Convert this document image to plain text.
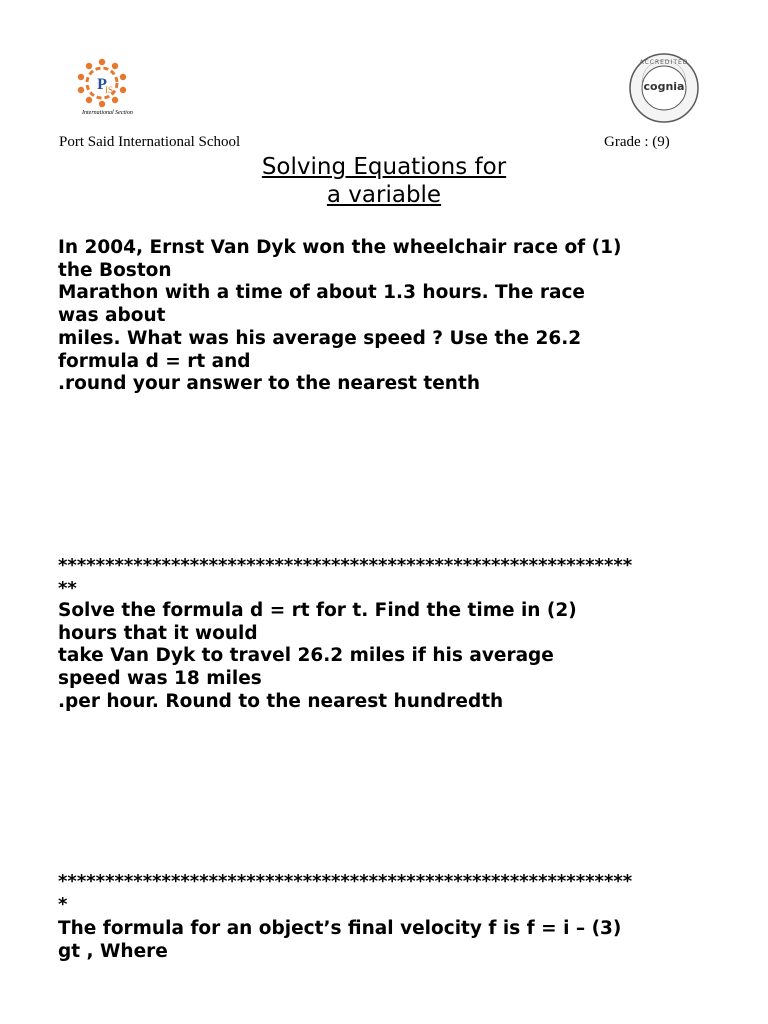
P
IS
International Section
ACCREDITED
cognia
Port Said International School	Grade : (9)
Solving Equations for
a variable
In 2004, Ernst Van Dyk won the wheelchair race of (1)
the Boston
Marathon with a time of about 1.3 hours. The race
was about
miles. What was his average speed ? Use the 26.2
formula d = rt and
.round your answer to the nearest tenth
*************************************************************
**
Solve the formula d = rt for t. Find the time in (2)
hours that it would
take Van Dyk to travel 26.2 miles if his average
speed was 18 miles
.per hour. Round to the nearest hundredth
*************************************************************
*
The formula for an object’s final velocity f is f = i – (3)
gt , Where
